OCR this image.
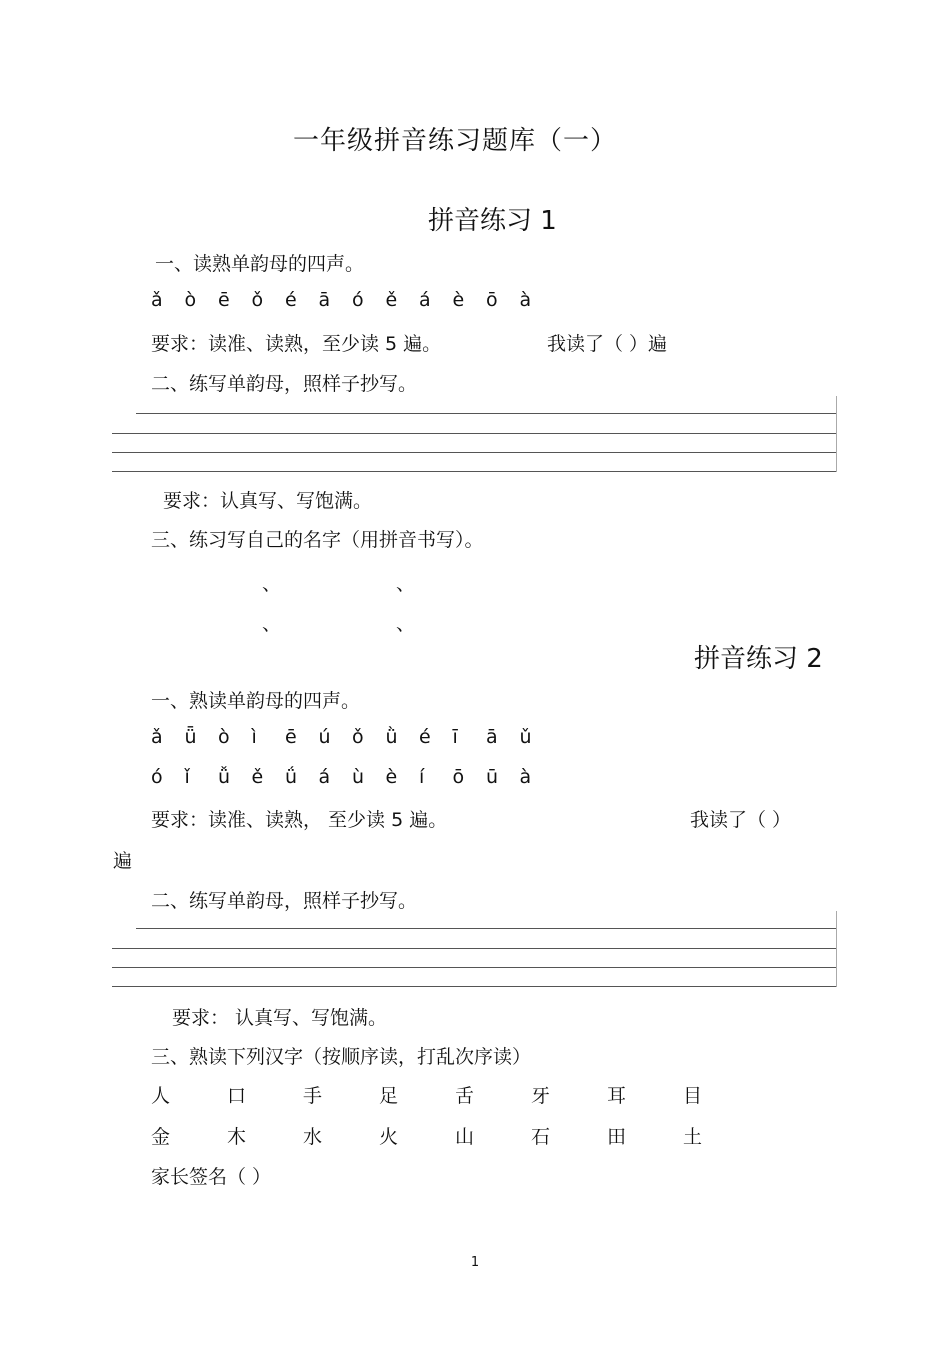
一年级拼音练习题库（一）
拼音练习 1
一、读熟单韵母的四声。
ǎ ò ē ǒ é ā ó ě á è ō à
要求：读准、读熟，至少读 5 遍。	我读了（ ）遍
二、练写单韵母，照样子抄写。
要求：认真写、写饱满。
三、练习写自己的名字（用拼音书写）。
、	、
、	、
拼音练习 2
一、熟读单韵母的四声。
ǎ ǖ ò ì ē ú ǒ ǜ é ī ā ǔ
ó ǐ ǚ ě ǘ á ù è í ō ū à
要求：读准、读熟， 至少读 5 遍。	我读了（ ）
遍
二、练写单韵母，照样子抄写。
要求： 认真写、写饱满。
三、熟读下列汉字（按顺序读，打乱次序读）
人	口	手	足	舌	牙	耳	目
金	木	水	火	山	石	田	土
家长签名（ ）
1
